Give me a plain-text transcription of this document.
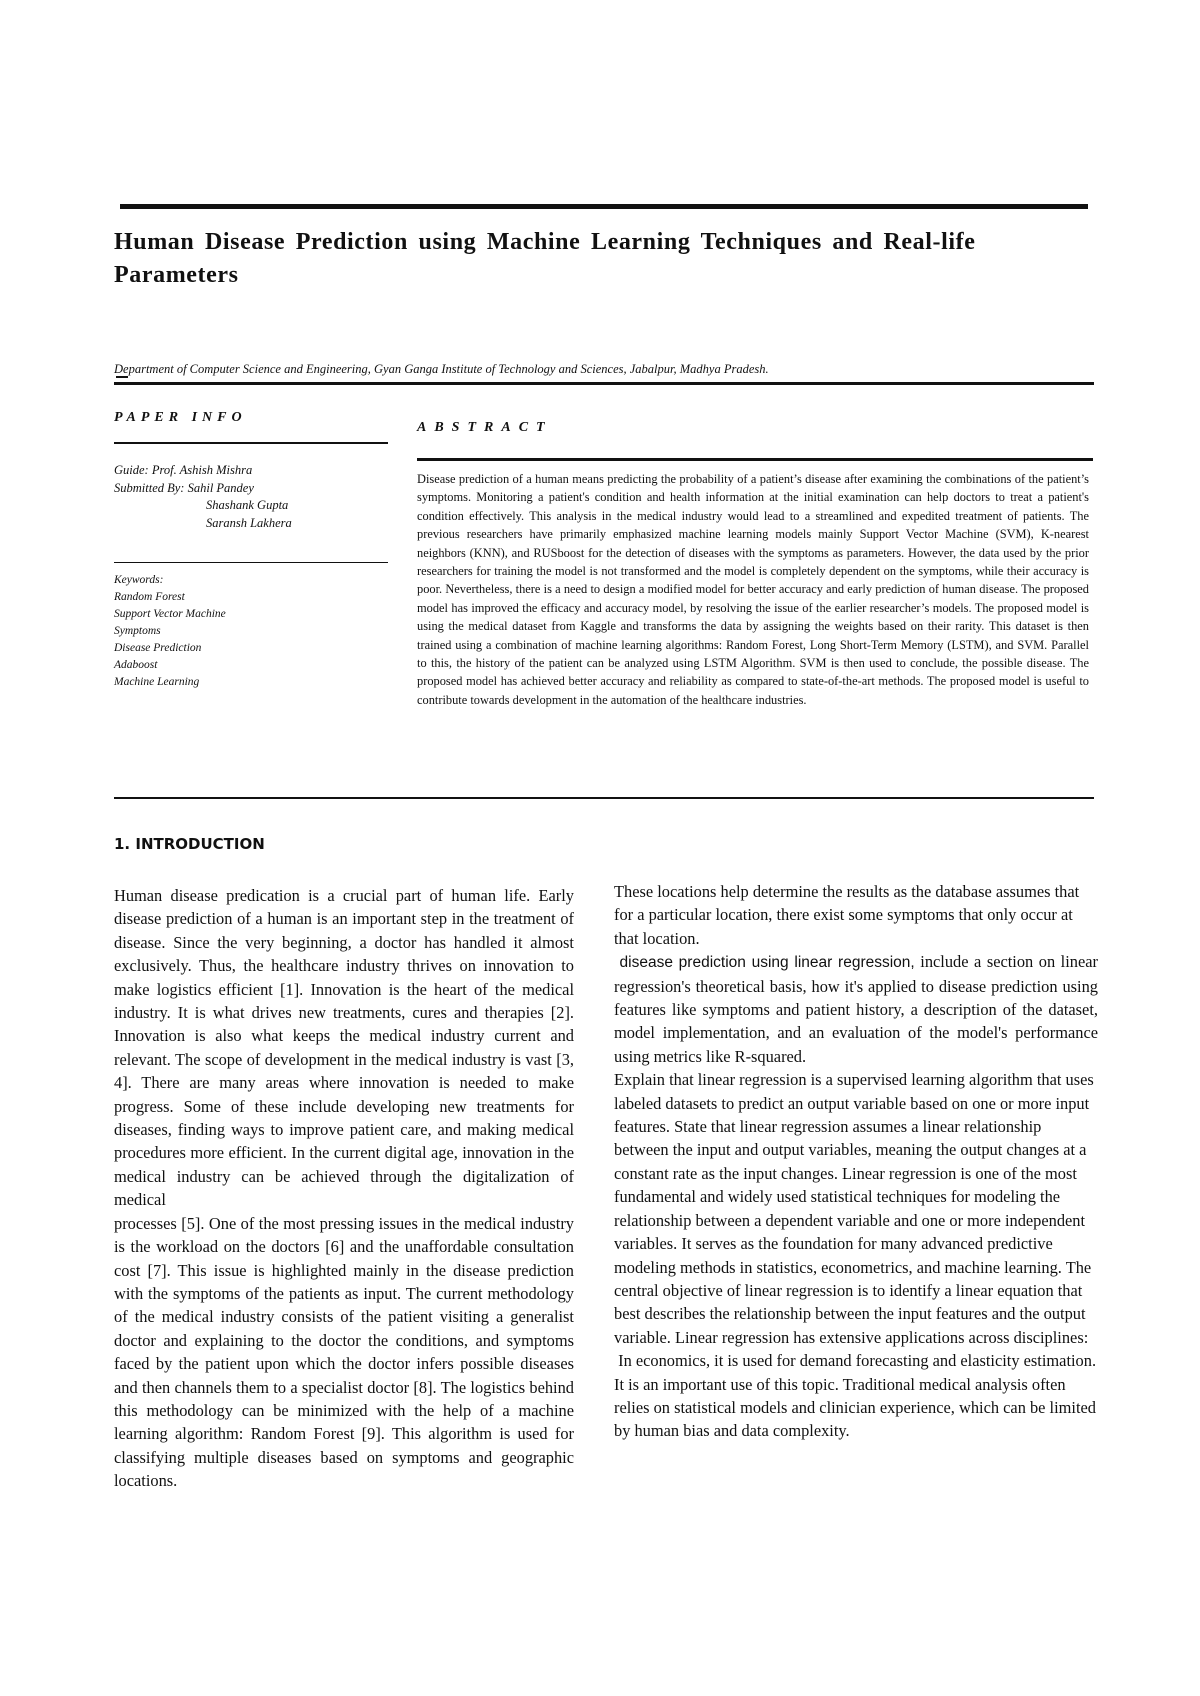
Human Disease Prediction using Machine Learning Techniques and Real-life Parameters

Department of Computer Science and Engineering, Gyan Ganga Institute of Technology and Sciences, Jabalpur, Madhya Pradesh.

PAPER INFO
Guide: Prof. Ashish Mishra
Submitted By: Sahil Pandey
Shashank Gupta
Saransh Lakhera
Keywords:
Random Forest
Support Vector Machine
Symptoms
Disease Prediction
Adaboost
Machine Learning
ABSTRACT

Disease prediction of a human means predicting the probability of a patient’s disease after examining the combinations of the patient’s symptoms. Monitoring a patient's condition and health information at the initial examination can help doctors to treat a patient's condition effectively. This analysis in the medical industry would lead to a streamlined and expedited treatment of patients. The previous researchers have primarily emphasized machine learning models mainly Support Vector Machine (SVM), K-nearest neighbors (KNN), and RUSboost for the detection of diseases with the symptoms as parameters. However, the data used by the prior researchers for training the model is not transformed and the model is completely dependent on the symptoms, while their accuracy is poor. Nevertheless, there is a need to design a modified model for better accuracy and early prediction of human disease. The proposed model has improved the efficacy and accuracy model, by resolving the issue of the earlier researcher’s models. The proposed model is using the medical dataset from Kaggle and transforms the data by assigning the weights based on their rarity. This dataset is then trained using a combination of machine learning algorithms: Random Forest, Long Short-Term Memory (LSTM), and SVM. Parallel to this, the history of the patient can be analyzed using LSTM Algorithm. SVM is then used to conclude, the possible disease. The proposed model has achieved better accuracy and reliability as compared to state-of-the-art methods. The proposed model is useful to contribute towards development in the automation of the healthcare industries.

1. INTRODUCTION

Human disease predication is a crucial part of human life. Early disease prediction of a human is an important step in the treatment of disease. Since the very beginning, a doctor has handled it almost exclusively. Thus, the healthcare industry thrives on innovation to make logistics efficient [1]. Innovation is the heart of the medical industry. It is what drives new treatments, cures and therapies [2]. Innovation is also what keeps the medical industry current and relevant. The scope of development in the medical industry is vast [3, 4]. There are many areas where innovation is needed to make progress. Some of these include developing new treatments for diseases, finding ways to improve patient care, and making medical procedures more efficient. In the current digital age, innovation in the medical industry can be achieved through the digitalization of medical

processes [5]. One of the most pressing issues in the medical industry is the workload on the doctors [6] and the unaffordable consultation cost [7]. This issue is highlighted mainly in the disease prediction with the symptoms of the patients as input. The current methodology of the medical industry consists of the patient visiting a generalist doctor and explaining to the doctor the conditions, and symptoms faced by the patient upon which the doctor infers possible diseases and then channels them to a specialist doctor [8]. The logistics behind this methodology can be minimized with the help of a machine learning algorithm: Random Forest [9]. This algorithm is used for classifying multiple diseases based on symptoms and geographic locations.

These locations help determine the results as the database assumes that for a particular location, there exist some symptoms that only occur at that location.

disease prediction using linear regression, include a section on linear regression's theoretical basis, how it's applied to disease prediction using features like symptoms and patient history, a description of the dataset, model implementation, and an evaluation of the model's performance using metrics like R-squared.

Explain that linear regression is a supervised learning algorithm that uses labeled datasets to predict an output variable based on one or more input features. State that linear regression assumes a linear relationship between the input and output variables, meaning the output changes at a constant rate as the input changes. Linear regression is one of the most fundamental and widely used statistical techniques for modeling the relationship between a dependent variable and one or more independent variables. It serves as the foundation for many advanced predictive modeling methods in statistics, econometrics, and machine learning. The central objective of linear regression is to identify a linear equation that best describes the relationship between the input features and the output variable. Linear regression has extensive applications across disciplines:

In economics, it is used for demand forecasting and elasticity estimation. It is an important use of this topic. Traditional medical analysis often relies on statistical models and clinician experience, which can be limited by human bias and data complexity.
